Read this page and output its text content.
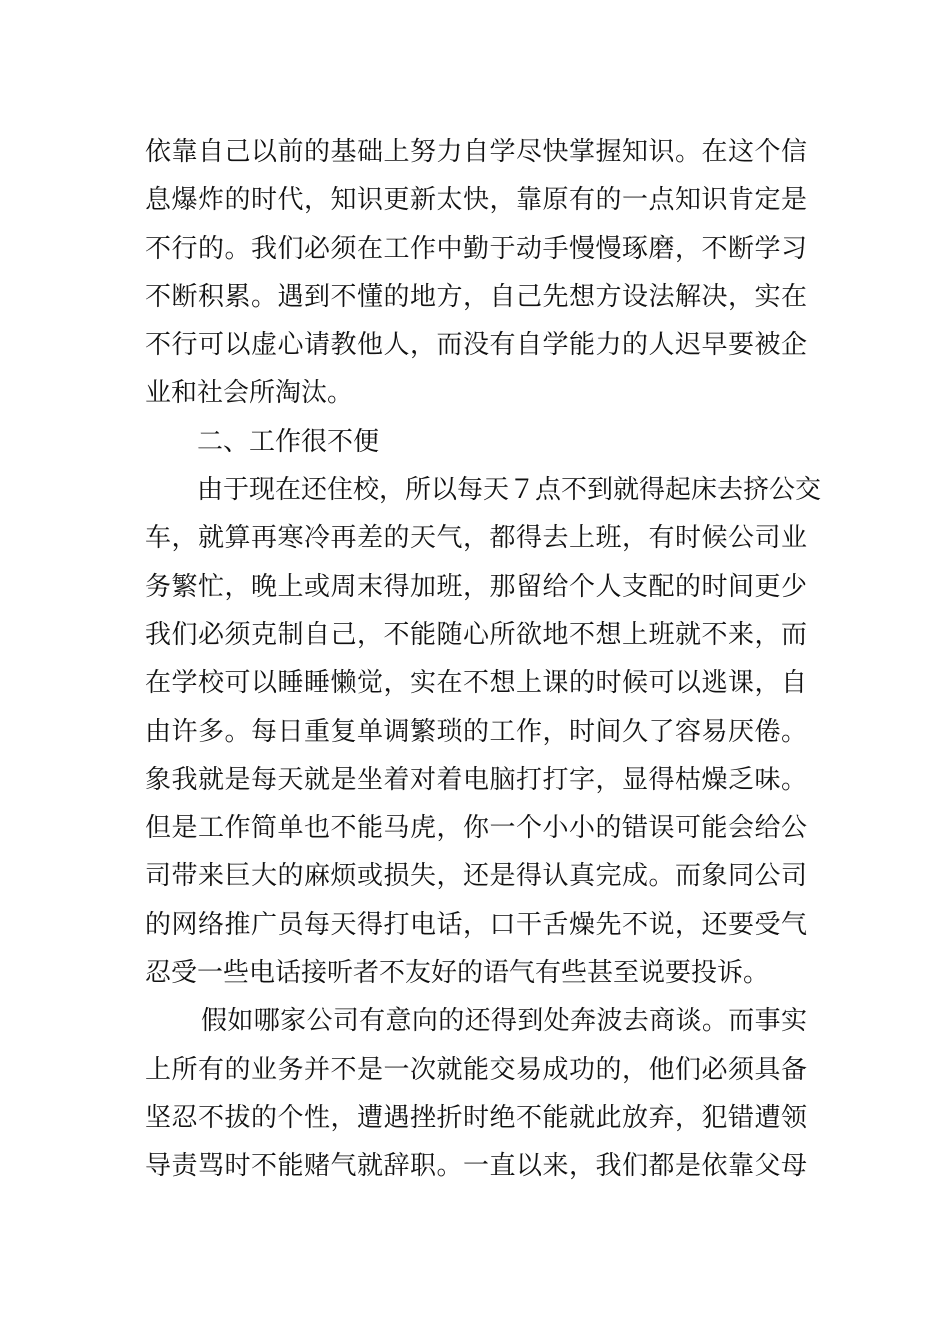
依靠自己以前的基础上努力自学尽快掌握知识。在这个信
息爆炸的时代，知识更新太快，靠原有的一点知识肯定是
不行的。我们必须在工作中勤于动手慢慢琢磨，不断学习
不断积累。遇到不懂的地方，自己先想方设法解决，实在
不行可以虚心请教他人，而没有自学能力的人迟早要被企
业和社会所淘汰。
二、工作很不便
由于现在还住校，所以每天７点不到就得起床去挤公交
车，就算再寒冷再差的天气，都得去上班，有时候公司业
务繁忙，晚上或周末得加班，那留给个人支配的时间更少
我们必须克制自己，不能随心所欲地不想上班就不来，而
在学校可以睡睡懒觉，实在不想上课的时候可以逃课，自
由许多。每日重复单调繁琐的工作，时间久了容易厌倦。
象我就是每天就是坐着对着电脑打打字，显得枯燥乏味。
但是工作简单也不能马虎，你一个小小的错误可能会给公
司带来巨大的麻烦或损失，还是得认真完成。而象同公司
的网络推广员每天得打电话，口干舌燥先不说，还要受气
忍受一些电话接听者不友好的语气有些甚至说要投诉。
假如哪家公司有意向的还得到处奔波去商谈。而事实
上所有的业务并不是一次就能交易成功的，他们必须具备
坚忍不拔的个性，遭遇挫折时绝不能就此放弃，犯错遭领
导责骂时不能赌气就辞职。一直以来，我们都是依靠父母
